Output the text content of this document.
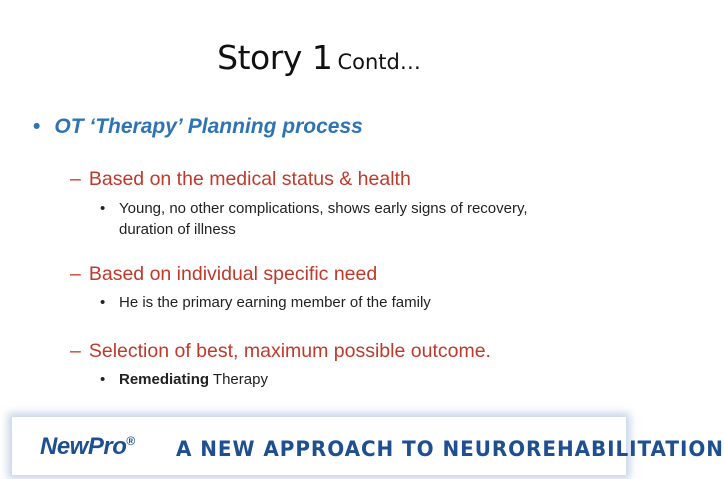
Story 1 Contd…
• OT ‘Therapy’ Planning process
– Based on the medical status & health
• Young, no other complications, shows early signs of recovery, duration of illness
– Based on individual specific need
• He is the primary earning member of the family
– Selection of best, maximum possible outcome.
• Remediating Therapy
NewPro® A NEW APPROACH TO NEUROREHABILITATION
